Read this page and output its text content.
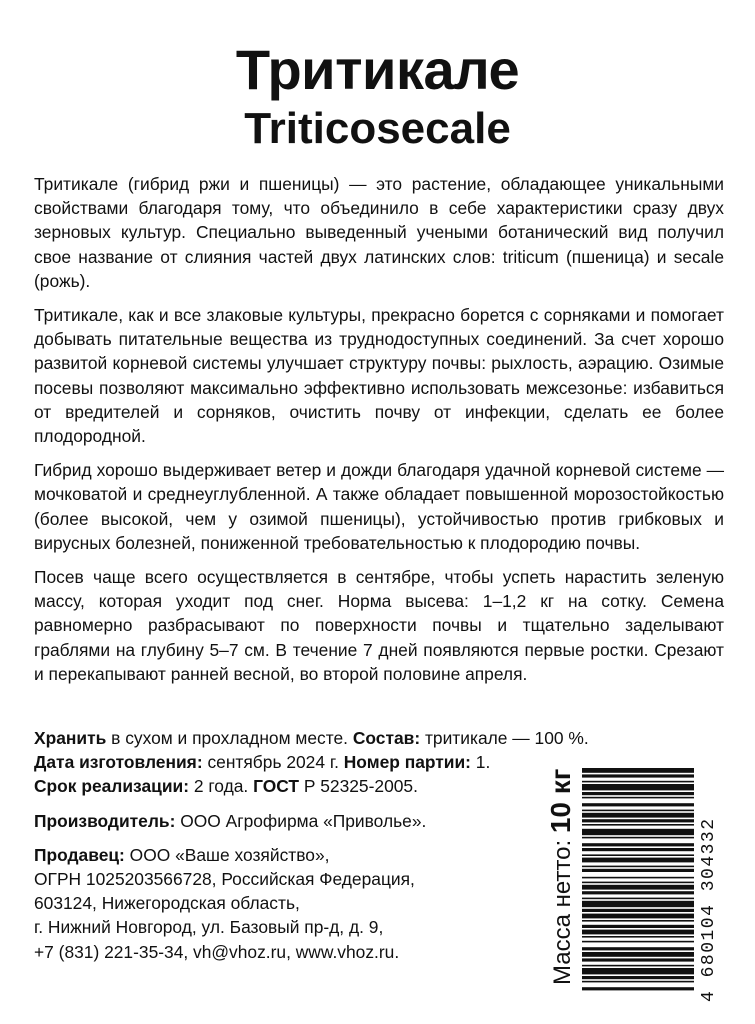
Тритикале
Triticosecale

Тритикале (гибрид ржи и пшеницы) — это растение, обладающее уникальными свойствами благодаря тому, что объединило в себе характеристики сразу двух зерновых культур. Специально выведенный учеными ботанический вид получил свое название от слияния частей двух латинских слов: triticum (пшеница) и secale (рожь).

Тритикале, как и все злаковые культуры, прекрасно борется с сорняками и помогает добывать питательные вещества из труднодоступных соединений. За счет хорошо развитой корневой системы улучшает структуру почвы: рыхлость, аэрацию. Озимые посевы позволяют максимально эффективно использовать межсезонье: избавиться от вредителей и сорняков, очистить почву от инфекции, сделать ее более плодородной.

Гибрид хорошо выдерживает ветер и дожди благодаря удачной корневой системе — мочковатой и среднеуглубленной. А также обладает повышенной морозостойкостью (более высокой, чем у озимой пшеницы), устойчивостью против грибковых и вирусных болезней, пониженной требовательностью к плодородию почвы.

Посев чаще всего осуществляется в сентябре, чтобы успеть нарастить зеленую массу, которая уходит под снег. Норма высева: 1–1,2 кг на сотку. Семена равномерно разбрасывают по поверхности почвы и тщательно заделывают граблями на глубину 5–7 см. В течение 7 дней появляются первые ростки. Срезают и перекапывают ранней весной, во второй половине апреля.

Хранить в сухом и прохладном месте. Состав: тритикале — 100 %.
Дата изготовления: сентябрь 2024 г. Номер партии: 1.
Срок реализации: 2 года. ГОСТ Р 52325-2005.
Производитель: ООО Агрофирма «Приволье».
Продавец: ООО «Ваше хозяйство»,
ОГРН 1025203566728, Российская Федерация,
603124, Нижегородская область,
г. Нижний Новгород, ул. Базовый пр-д, д. 9,
+7 (831) 221-35-34, vh@vhoz.ru, www.vhoz.ru.	Масса нетто: 10 кг
4 680104 304332
